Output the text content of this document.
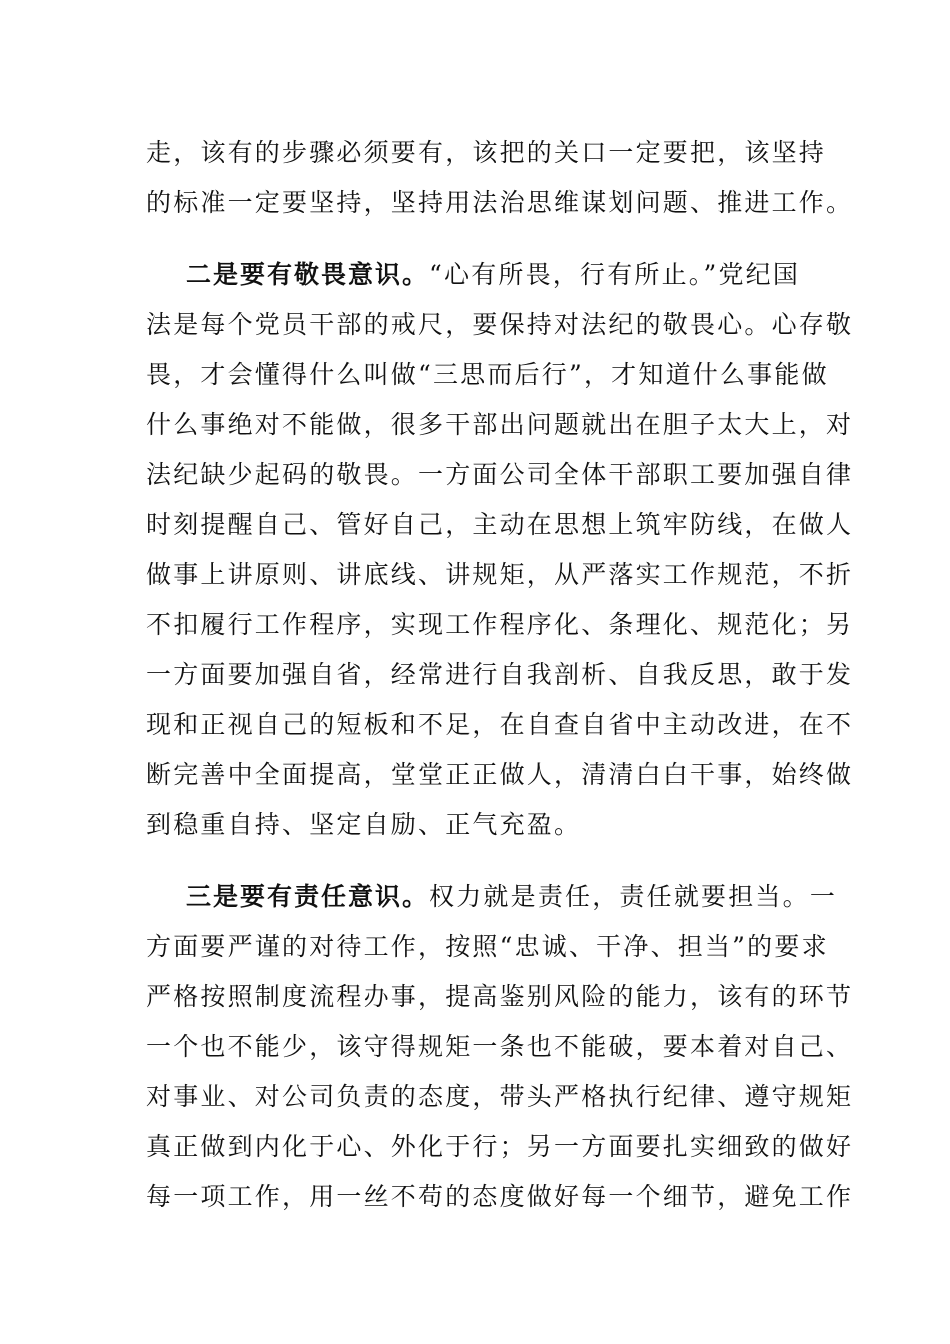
走，该有的步骤必须要有，该把的关口一定要把，该坚持
的标准一定要坚持，坚持用法治思维谋划问题、推进工作。
二是要有敬畏意识。“心有所畏，行有所止。”党纪国
法是每个党员干部的戒尺，要保持对法纪的敬畏心。心存敬
畏，才会懂得什么叫做“三思而后行”，才知道什么事能做
什么事绝对不能做，很多干部出问题就出在胆子太大上，对
法纪缺少起码的敬畏。一方面公司全体干部职工要加强自律
时刻提醒自己、管好自己，主动在思想上筑牢防线，在做人
做事上讲原则、讲底线、讲规矩，从严落实工作规范，不折
不扣履行工作程序，实现工作程序化、条理化、规范化；另
一方面要加强自省，经常进行自我剖析、自我反思，敢于发
现和正视自己的短板和不足，在自查自省中主动改进，在不
断完善中全面提高，堂堂正正做人，清清白白干事，始终做
到稳重自持、坚定自励、正气充盈。
三是要有责任意识。权力就是责任，责任就要担当。一
方面要严谨的对待工作，按照“忠诚、干净、担当”的要求
严格按照制度流程办事，提高鉴别风险的能力，该有的环节
一个也不能少，该守得规矩一条也不能破，要本着对自己、
对事业、对公司负责的态度，带头严格执行纪律、遵守规矩
真正做到内化于心、外化于行；另一方面要扎实细致的做好
每一项工作，用一丝不苟的态度做好每一个细节，避免工作
